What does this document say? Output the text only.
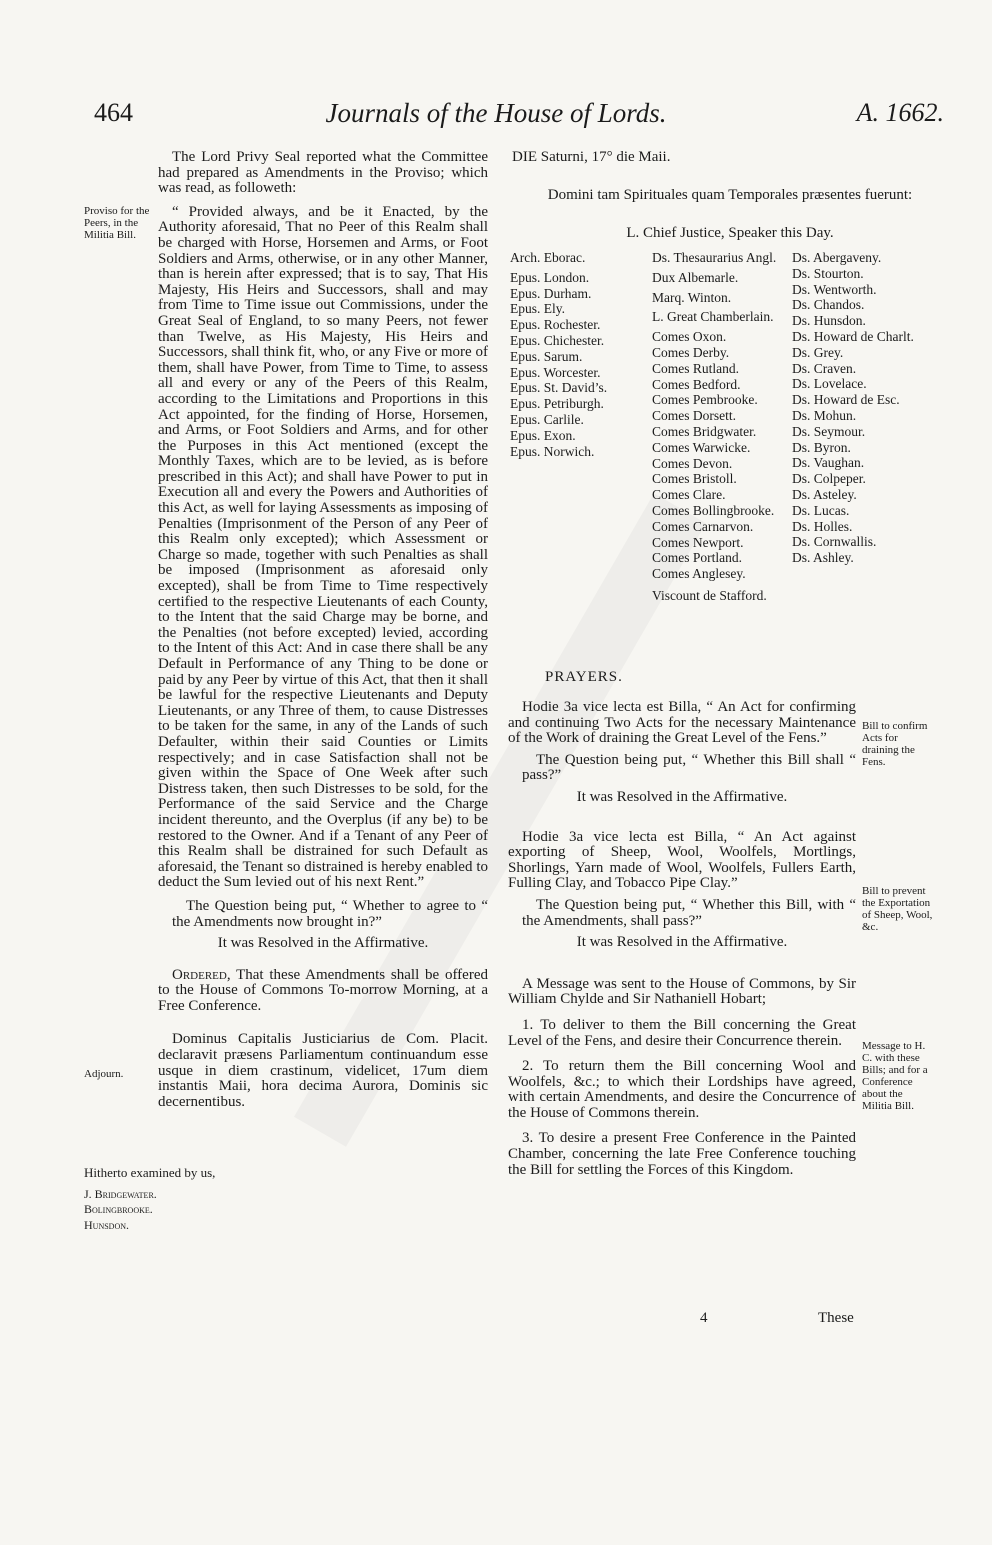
464	Journals of the House of Lords.	A. 1662.

The Lord Privy Seal reported what the Committee had prepared as Amendments in the Proviso; which was read, as followeth:

“ Provided always, and be it Enacted, by the Authority aforesaid, That no Peer of this Realm shall be charged with Horse, Horsemen and Arms, or Foot Soldiers and Arms, otherwise, or in any other Manner, than is herein after expressed; that is to say, That His Majesty, His Heirs and Successors, shall and may from Time to Time issue out Commissions, under the Great Seal of England, to so many Peers, not fewer than Twelve, as His Majesty, His Heirs and Successors, shall think fit, who, or any Five or more of them, shall have Power, from Time to Time, to assess all and every or any of the Peers of this Realm, according to the Limitations and Proportions in this Act appointed, for the finding of Horse, Horsemen, and Arms, or Foot Soldiers and Arms, and for other the Purposes in this Act mentioned (except the Monthly Taxes, which are to be levied, as is before prescribed in this Act); and shall have Power to put in Execution all and every the Powers and Authorities of this Act, as well for laying Assessments as imposing of Penalties (Imprisonment of the Person of any Peer of this Realm only excepted); which Assessment or Charge so made, together with such Penalties as shall be imposed (Imprisonment as aforesaid only excepted), shall be from Time to Time respectively certified to the respective Lieutenants of each County, to the Intent that the said Charge may be borne, and the Penalties (not before excepted) levied, according to the Intent of this Act: And in case there shall be any Default in Performance of any Thing to be done or paid by any Peer by virtue of this Act, that then it shall be lawful for the respective Lieutenants and Deputy Lieutenants, or any Three of them, to cause Distresses to be taken for the same, in any of the Lands of such Defaulter, within their said Counties or Limits respectively; and in case Satisfaction shall not be given within the Space of One Week after such Distress taken, then such Distresses to be sold, for the Performance of the said Service and the Charge incident thereunto, and the Overplus (if any be) to be restored to the Owner. And if a Tenant of any Peer of this Realm shall be distrained for such Default as aforesaid, the Tenant so distrained is hereby enabled to deduct the Sum levied out of his next Rent.”

The Question being put, “ Whether to agree to “ the Amendments now brought in?”

It was Resolved in the Affirmative.

Ordered, That these Amendments shall be offered to the House of Commons To-morrow Morning, at a Free Conference.

Dominus Capitalis Justiciarius de Com. Placit. declaravit præsens Parliamentum continuandum esse usque in diem crastinum, videlicet, 17um diem instantis Maii, hora decima Aurora, Dominis sic decernentibus.

Proviso for the Peers, in the Militia Bill.
Adjourn.

Hitherto examined by us,

J. Bridgewater.

Bolingbrooke.

Hunsdon.

DIE Saturni, 17° die Maii.
Domini tam Spirituales quam Temporales præsentes fuerunt:
L. Chief Justice, Speaker this Day.
Arch. Eborac.
Epus. London.
Epus. Durham.
Epus. Ely.
Epus. Rochester.
Epus. Chichester.
Epus. Sarum.
Epus. Worcester.
Epus. St. David’s.
Epus. Petriburgh.
Epus. Carlile.
Epus. Exon.
Epus. Norwich.
Ds. Thesaurarius Angl.
Dux Albemarle.
Marq. Winton.
L. Great Chamberlain.
Comes Oxon.
Comes Derby.
Comes Rutland.
Comes Bedford.
Comes Pembrooke.
Comes Dorsett.
Comes Bridgwater.
Comes Warwicke.
Comes Devon.
Comes Bristoll.
Comes Clare.
Comes Bollingbrooke.
Comes Carnarvon.
Comes Newport.
Comes Portland.
Comes Anglesey.
Viscount de Stafford.
Ds. Abergaveny.
Ds. Stourton.
Ds. Wentworth.
Ds. Chandos.
Ds. Hunsdon.
Ds. Howard de Charlt.
Ds. Grey.
Ds. Craven.
Ds. Lovelace.
Ds. Howard de Esc.
Ds. Mohun.
Ds. Seymour.
Ds. Byron.
Ds. Vaughan.
Ds. Colpeper.
Ds. Asteley.
Ds. Lucas.
Ds. Holles.
Ds. Cornwallis.
Ds. Ashley.
PRAYERS.

Hodie 3a vice lecta est Billa, “ An Act for confirming and continuing Two Acts for the necessary Maintenance of the Work of draining the Great Level of the Fens.”

The Question being put, “ Whether this Bill shall “ pass?”

It was Resolved in the Affirmative.

Hodie 3a vice lecta est Billa, “ An Act against exporting of Sheep, Wool, Woolfels, Mortlings, Shorlings, Yarn made of Wool, Woolfels, Fullers Earth, Fulling Clay, and Tobacco Pipe Clay.”

The Question being put, “ Whether this Bill, with “ the Amendments, shall pass?”

It was Resolved in the Affirmative.

A Message was sent to the House of Commons, by Sir William Chylde and Sir Nathaniell Hobart;

1. To deliver to them the Bill concerning the Great Level of the Fens, and desire their Concurrence therein.

2. To return them the Bill concerning Wool and Woolfels, &c.; to which their Lordships have agreed, with certain Amendments, and desire the Concurrence of the House of Commons therein.

3. To desire a present Free Conference in the Painted Chamber, concerning the late Free Conference touching the Bill for settling the Forces of this Kingdom.

Bill to confirm Acts for draining the Fens.
Bill to prevent the Exportation of Sheep, Wool, &c.
Message to H. C. with these Bills; and for a Conference about the Militia Bill.
4	These
